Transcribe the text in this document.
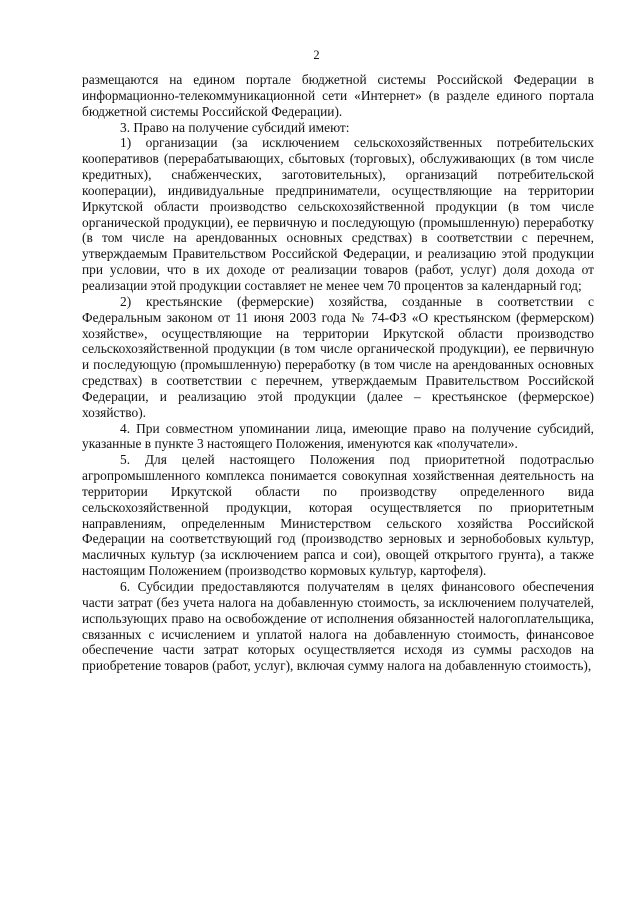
2

размещаются на едином портале бюджетной системы Российской Федерации в информационно-телекоммуникационной сети «Интернет» (в разделе единого портала бюджетной системы Российской Федерации).

3. Право на получение субсидий имеют:

1) организации (за исключением сельскохозяйственных потребительских кооперативов (перерабатывающих, сбытовых (торговых), обслуживающих (в том числе кредитных), снабженческих, заготовительных), организаций потребительской кооперации), индивидуальные предприниматели, осуществляющие на территории Иркутской области производство сельскохозяйственной продукции (в том числе органической продукции), ее первичную и последующую (промышленную) переработку (в том числе на арендованных основных средствах) в соответствии с перечнем, утверждаемым Правительством Российской Федерации, и реализацию этой продукции при условии, что в их доходе от реализации товаров (работ, услуг) доля дохода от реализации этой продукции составляет не менее чем 70 процентов за календарный год;

2) крестьянские (фермерские) хозяйства, созданные в соответствии с Федеральным законом от 11 июня 2003 года № 74-ФЗ «О крестьянском (фермерском) хозяйстве», осуществляющие на территории Иркутской области производство сельскохозяйственной продукции (в том числе органической продукции), ее первичную и последующую (промышленную) переработку (в том числе на арендованных основных средствах) в соответствии с перечнем, утверждаемым Правительством Российской Федерации, и реализацию этой продукции (далее – крестьянское (фермерское) хозяйство).

4. При совместном упоминании лица, имеющие право на получение субсидий, указанные в пункте 3 настоящего Положения, именуются как «получатели».

5. Для целей настоящего Положения под приоритетной подотраслью агропромышленного комплекса понимается совокупная хозяйственная деятельность на территории Иркутской области по производству определенного вида сельскохозяйственной продукции, которая осуществляется по приоритетным направлениям, определенным Министерством сельского хозяйства Российской Федерации на соответствующий год (производство зерновых и зернобобовых культур, масличных культур (за исключением рапса и сои), овощей открытого грунта), а также настоящим Положением (производство кормовых культур, картофеля).

6. Субсидии предоставляются получателям в целях финансового обеспечения части затрат (без учета налога на добавленную стоимость, за исключением получателей, использующих право на освобождение от исполнения обязанностей налогоплательщика, связанных с исчислением и уплатой налога на добавленную стоимость, финансовое обеспечение части затрат которых осуществляется исходя из суммы расходов на приобретение товаров (работ, услуг), включая сумму налога на добавленную стоимость),
